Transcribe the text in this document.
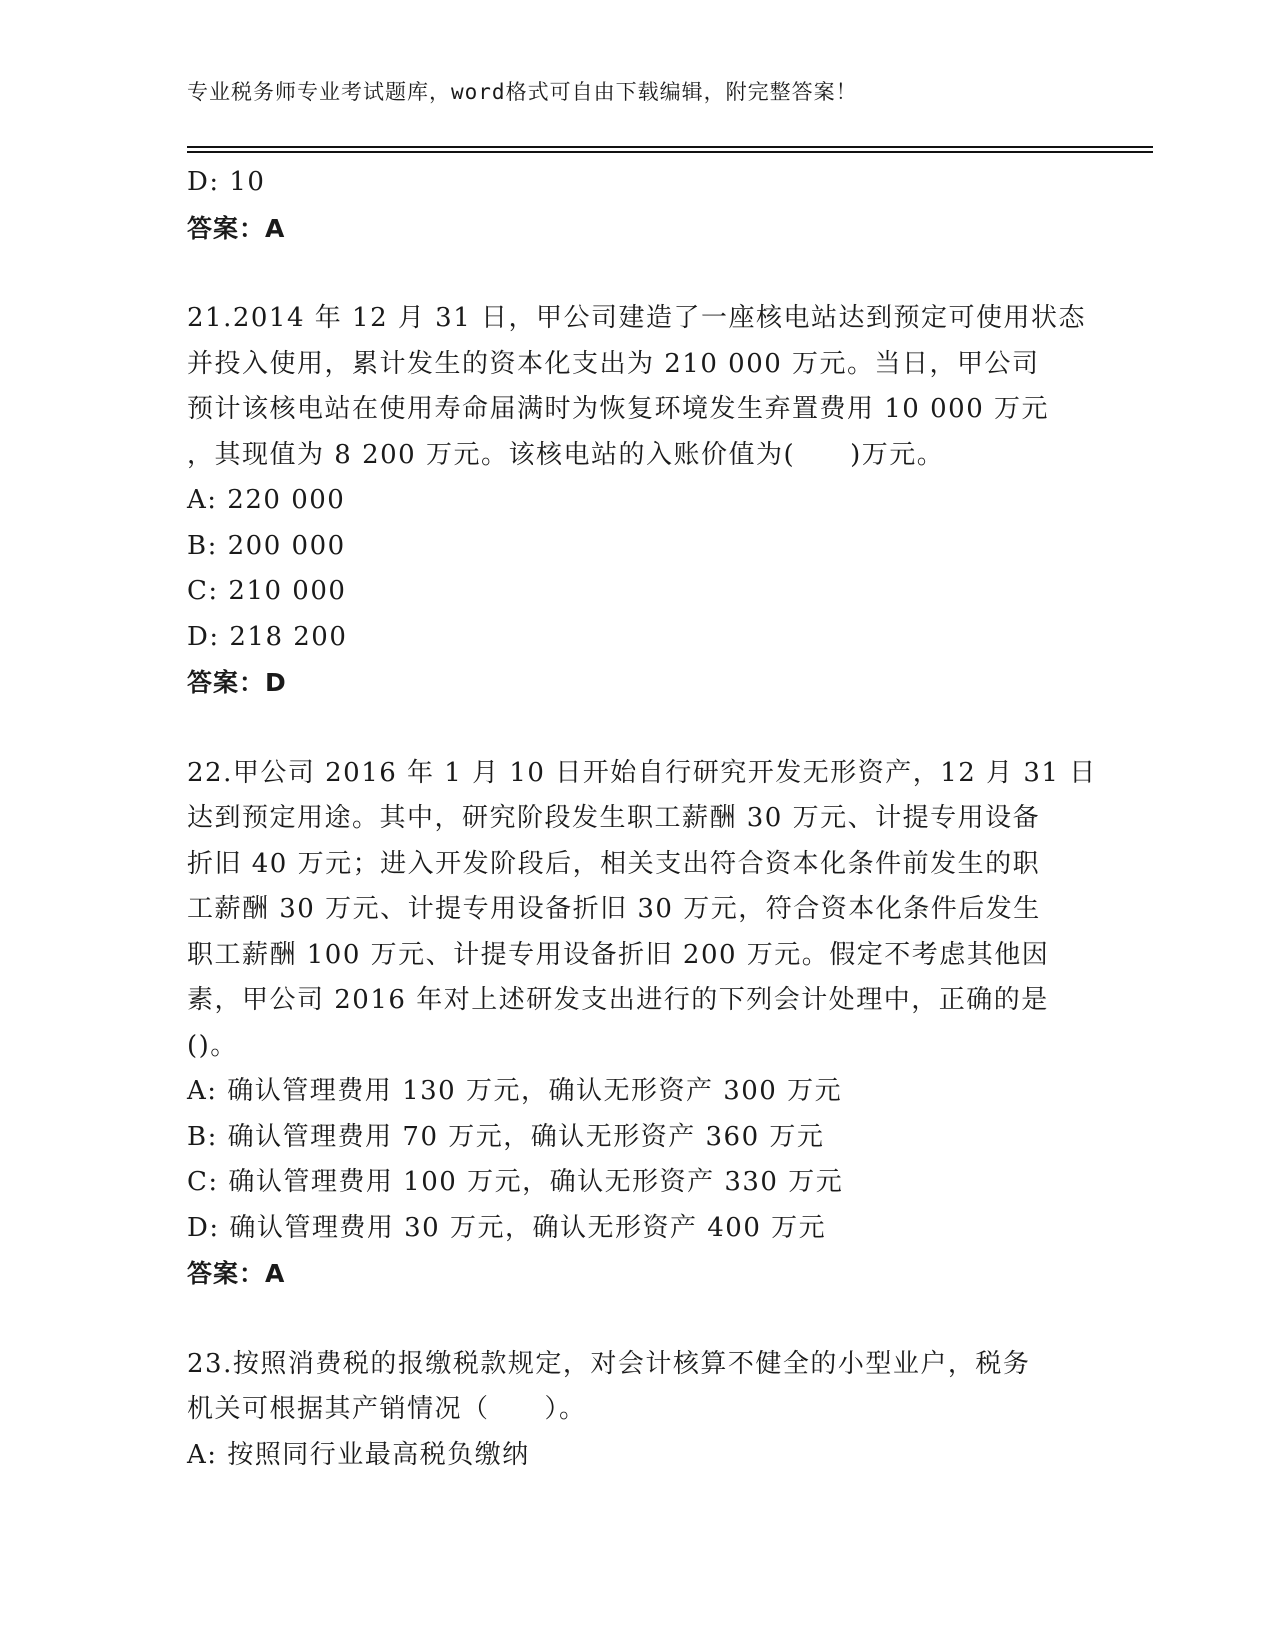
专业税务师专业考试题库，word格式可自由下载编辑，附完整答案！
D: 10
答案：A
21.2014 年 12 月 31 日，甲公司建造了一座核电站达到预定可使用状态
并投入使用，累计发生的资本化支出为 210 000 万元。当日，甲公司
预计该核电站在使用寿命届满时为恢复环境发生弃置费用 10 000 万元
，其现值为 8 200 万元。该核电站的入账价值为(　　)万元。
A: 220 000
B: 200 000
C: 210 000
D: 218 200
答案：D
22.甲公司 2016 年 1 月 10 日开始自行研究开发无形资产，12 月 31 日
达到预定用途。其中，研究阶段发生职工薪酬 30 万元、计提专用设备
折旧 40 万元；进入开发阶段后，相关支出符合资本化条件前发生的职
工薪酬 30 万元、计提专用设备折旧 30 万元，符合资本化条件后发生
职工薪酬 100 万元、计提专用设备折旧 200 万元。假定不考虑其他因
素，甲公司 2016 年对上述研发支出进行的下列会计处理中，正确的是
()。
A: 确认管理费用 130 万元，确认无形资产 300 万元
B: 确认管理费用 70 万元，确认无形资产 360 万元
C: 确认管理费用 100 万元，确认无形资产 330 万元
D: 确认管理费用 30 万元，确认无形资产 400 万元
答案：A
23.按照消费税的报缴税款规定，对会计核算不健全的小型业户，税务
机关可根据其产销情况（　　）。
A: 按照同行业最高税负缴纳
